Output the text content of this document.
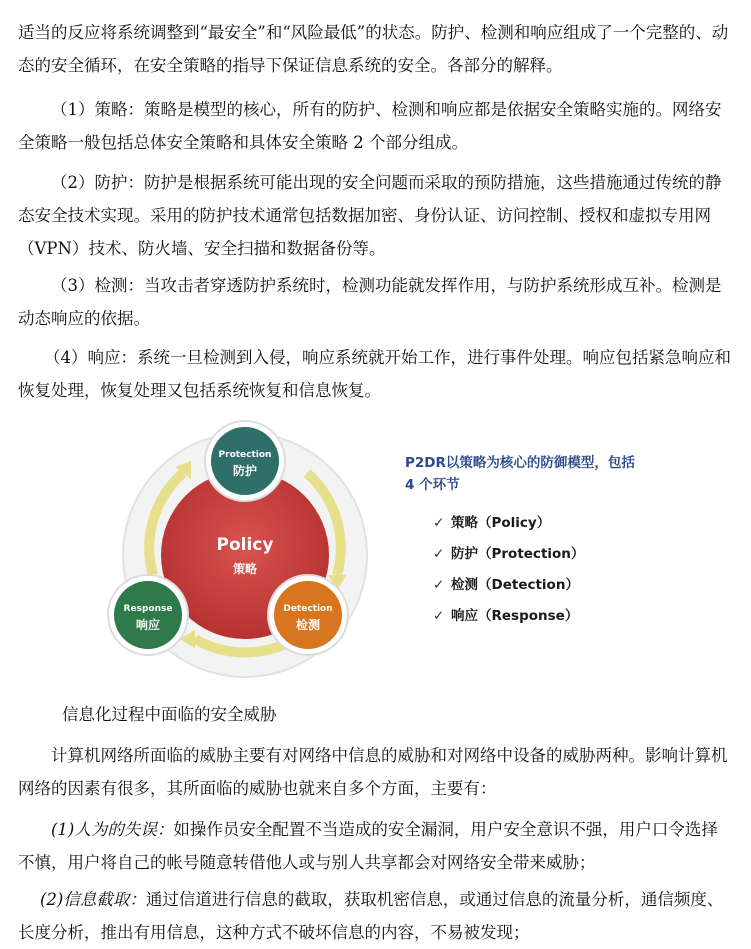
适当的反应将系统调整到“最安全”和“风险最低”的状态。防护、检测和响应组成了一个完整的、动态的安全循环，在安全策略的指导下保证信息系统的安全。各部分的解释。

（1）策略：策略是模型的核心，所有的防护、检测和响应都是依据安全策略实施的。网络安全策略一般包括总体安全策略和具体安全策略 2 个部分组成。

（2）防护：防护是根据系统可能出现的安全问题而采取的预防措施，这些措施通过传统的静态安全技术实现。采用的防护技术通常包括数据加密、身份认证、访问控制、授权和虚拟专用网（VPN）技术、防火墙、安全扫描和数据备份等。

（3）检测：当攻击者穿透防护系统时，检测功能就发挥作用，与防护系统形成互补。检测是动态响应的依据。

（4）响应：系统一旦检测到入侵，响应系统就开始工作，进行事件处理。响应包括紧急响应和恢复处理，恢复处理又包括系统恢复和信息恢复。

Policy
策略
Protection
防护
Detection
检测
Response
响应
P2DR以策略为核心的防御模型，包括
4 个环节
✓ 策略（Policy）
✓ 防护（Protection）
✓ 检测（Detection）
✓ 响应（Response）
信息化过程中面临的安全威胁

计算机网络所面临的威胁主要有对网络中信息的威胁和对网络中设备的威胁两种。影响计算机网络的因素有很多，其所面临的威胁也就来自多个方面，主要有：

(1)人为的失误：如操作员安全配置不当造成的安全漏洞，用户安全意识不强，用户口令选择不慎，用户将自己的帐号随意转借他人或与别人共享都会对网络安全带来威胁；

(2)信息截取：通过信道进行信息的截取，获取机密信息，或通过信息的流量分析，通信频度、长度分析，推出有用信息，这种方式不破坏信息的内容，不易被发现；
